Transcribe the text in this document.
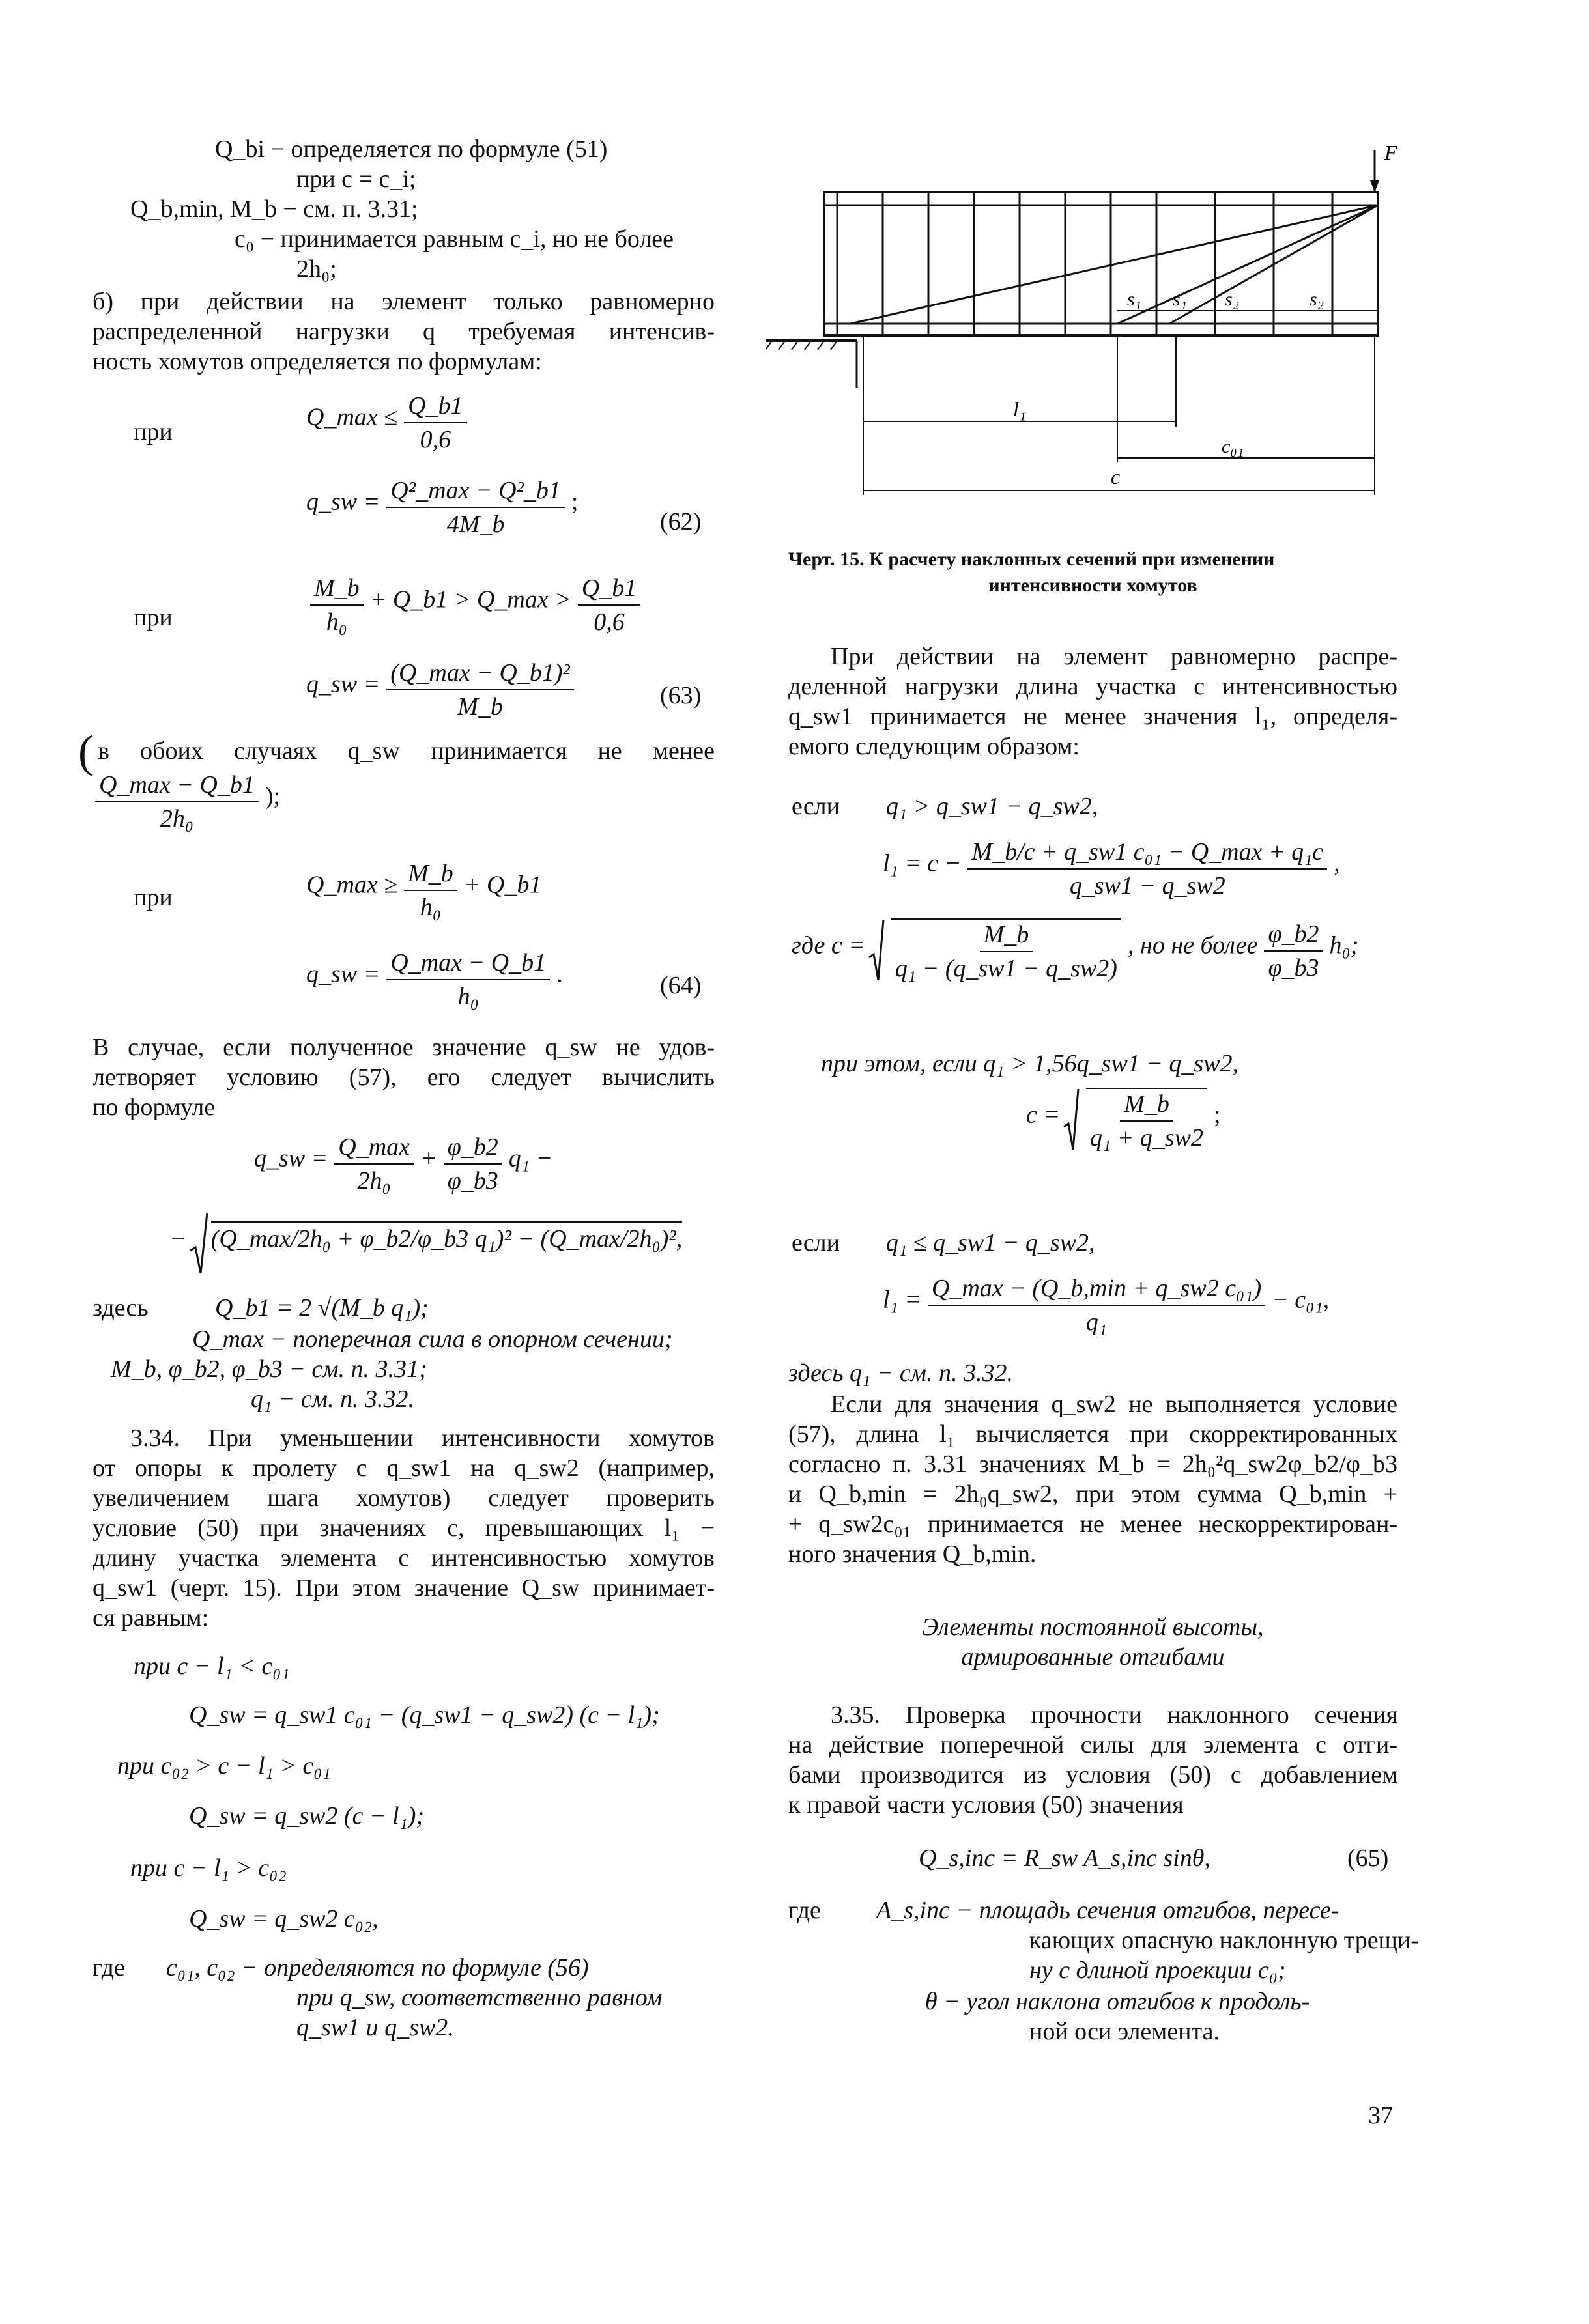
Q_bi − определяется по формуле (51)
при c = c_i;
Q_b,min, M_b − см. п. 3.31;
c₀ − принимается равным c_i, но не более
2h₀;
б) при действии на элемент только равномерно
распределенной нагрузки q требуемая интенсив-
ность хомутов определяется по формулам:
при
Q_max ≤ $\frac{Q\_b1}{0,6}$
q_sw = $\frac{\text{Q²\_max − Q²\_b1}}{4M\_b}$ ;
(62)
при	$\frac{M\_b}{\text{h₀}}$ + Q_b1 > Q_max > $\frac{Q\_b1}{0,6}$
q_sw = $\frac{\text{(Q\_max − Q\_b1)²}}{M\_b}$	(63)
( в обоих случаях q_sw принимается не менее
$\frac{Q\_\max - Q\_b1}{\text{2h₀}}$ );
при	Q_max ≥ $\frac{M\_b}{\text{h₀}}$ + Q_b1
q_sw = $\frac{Q\_\max - Q\_b1}{\text{h₀}}$ .	(64)
В случае, если полученное значение q_sw не удов-
летворяет условию (57), его следует вычислить
по формуле
q_sw = $\frac{Q\_\max}{\text{2h₀}} + \frac{\varphi\_b2}{\varphi\_b3} q_1$ −
− (Q_max/2h₀ + φ_b2/φ_b3 q₁)² − (Q_max/2h₀)²,
здесь	Q_b1 = 2 √(M_b q₁);
Q_max − поперечная сила в опорном сечении;
M_b, φ_b2, φ_b3 − см. п. 3.31;
q₁ − см. п. 3.32.
3.34. При уменьшении интенсивности хомутов
от опоры к пролету с q_sw1 на q_sw2 (например,
увеличением шага хомутов) следует проверить
условие (50) при значениях c, превышающих l₁ −
длину участка элемента с интенсивностью хомутов
q_sw1 (черт. 15). При этом значение Q_sw принимает-
ся равным:
при c − l₁ < c₀₁
Q_sw = q_sw1 c₀₁ − (q_sw1 − q_sw2) (c − l₁);
при c₀₂ > c − l₁ > c₀₁
Q_sw = q_sw2 (c − l₁);
при c − l₁ > c₀₂
Q_sw = q_sw2 c₀₂,
где c₀₁, c₀₂ − определяются по формуле (56)
при q_sw, соответственно равном
q_sw1 и q_sw2.
s₁ s₁ s₂	s₂
F
l₁
c₀₁
c
Черт. 15. К расчету наклонных сечений при изменении
интенсивности хомутов
При действии на элемент равномерно распре-
деленной нагрузки длина участка с интенсивностью
q_sw1 принимается не менее значения l₁, определя-
емого следующим образом:
если q₁ > q_sw1 − q_sw2,
$l_1 = c - \frac{\text{M\_b/c + q\_sw1 c₀₁ − Q\_max + q₁c}}{q\_sw1 - q\_sw2}$ ,
где $c = \frac{M\_b}{\text{q₁ − (q\_sw1 − q\_sw2)}}$ , но не более $\frac{\varphi\_b2}{\varphi\_b3} h_0$;
при этом, если q₁ > 1,56q_sw1 − q_sw2,
$c = \frac{M\_b}{\text{q₁ + q\_sw2}}$ ;
если q₁ ≤ q_sw1 − q_sw2,
$l_1 = \frac{\text{Q\_max − (Q\_b,min + q\_sw2 c₀₁)}}{\text{q₁}} - c_{01}$,
здесь q₁ − см. п. 3.32.
Если для значения q_sw2 не выполняется условие
(57), длина l₁ вычисляется при скорректированных
согласно п. 3.31 значениях M_b = 2h₀²q_sw2φ_b2/φ_b3
и Q_b,min = 2h₀q_sw2, при этом сумма Q_b,min +
+ q_sw2c₀₁ принимается не менее нескорректирован-
ного значения Q_b,min.
Элементы постоянной высоты,
армированные отгибами
3.35. Проверка прочности наклонного сечения
на действие поперечной силы для элемента с отги-
бами производится из условия (50) с добавлением
к правой части условия (50) значения
Q_s,inc = R_sw A_s,inc sinθ,	(65)
где A_s,inc − площадь сечения отгибов, пересе-
кающих опасную наклонную трещи-
ну с длиной проекции c₀;
θ − угол наклона отгибов к продоль-
ной оси элемента.
37
